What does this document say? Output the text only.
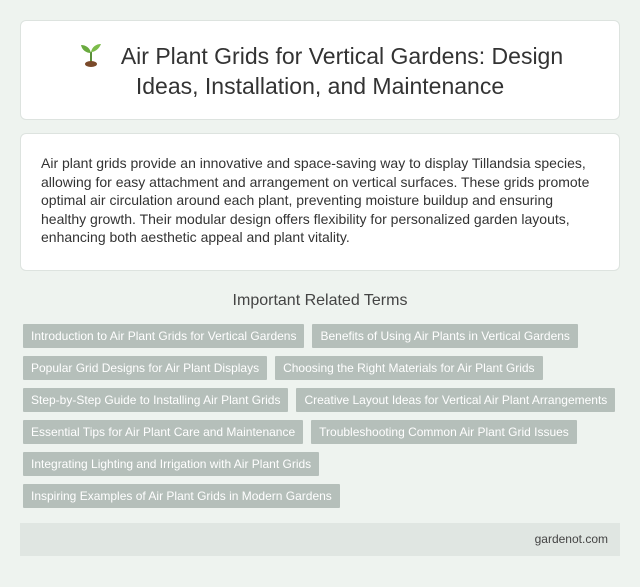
Air Plant Grids for Vertical Gardens: Design Ideas, Installation, and Maintenance

Air plant grids provide an innovative and space-saving way to display Tillandsia species, allowing for easy attachment and arrangement on vertical surfaces. These grids promote optimal air circulation around each plant, preventing moisture buildup and ensuring healthy growth. Their modular design offers flexibility for personalized garden layouts, enhancing both aesthetic appeal and plant vitality.

Important Related Terms
Introduction to Air Plant Grids for Vertical Gardens	Benefits of Using Air Plants in Vertical Gardens
Popular Grid Designs for Air Plant Displays	Choosing the Right Materials for Air Plant Grids
Step-by-Step Guide to Installing Air Plant Grids	Creative Layout Ideas for Vertical Air Plant Arrangements
Essential Tips for Air Plant Care and Maintenance	Troubleshooting Common Air Plant Grid Issues
Integrating Lighting and Irrigation with Air Plant Grids
Inspiring Examples of Air Plant Grids in Modern Gardens
gardenot.com
